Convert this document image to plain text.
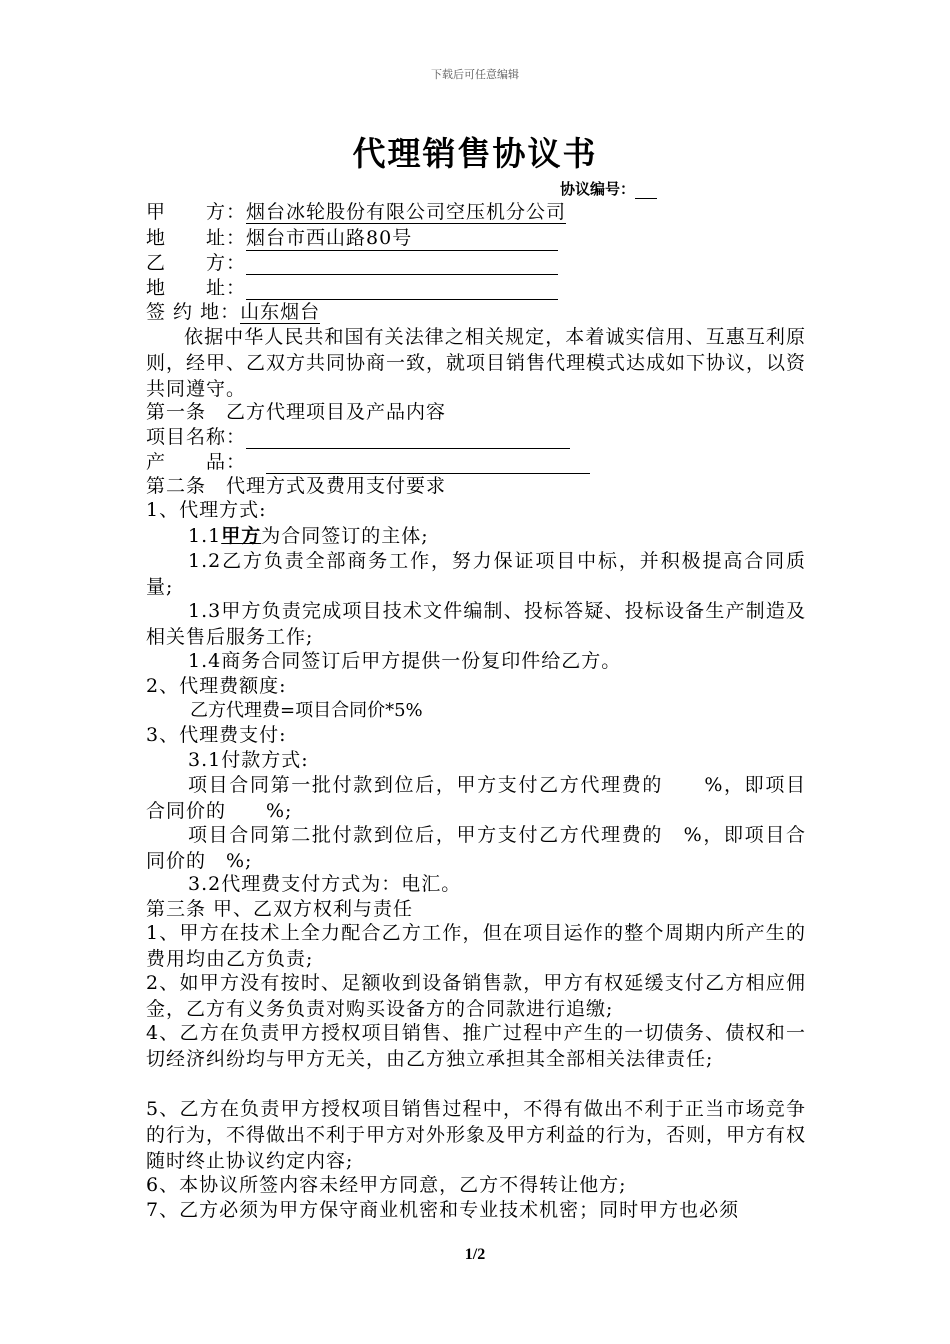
下载后可任意编辑
代理销售协议书
协议编号：
甲　　方：烟台冰轮股份有限公司空压机分公司
地　　址：烟台市西山路80号
乙　　方：
地　　址：
签 约 地：山东烟台
依据中华人民共和国有关法律之相关规定，本着诚实信用、互惠互利原则，经甲、乙双方共同协商一致，就项目销售代理模式达成如下协议，以资共同遵守。
第一条　乙方代理项目及产品内容
项目名称：
产　　品：
第二条　代理方式及费用支付要求
1、代理方式:
1.1甲方为合同签订的主体;
1.2乙方负责全部商务工作，努力保证项目中标，并积极提高合同质量;
1.3甲方负责完成项目技术文件编制、投标答疑、投标设备生产制造及相关售后服务工作;
1.4商务合同签订后甲方提供一份复印件给乙方。
2、代理费额度:
乙方代理费=项目合同价*5%
3、代理费支付:
3.1付款方式:
项目合同第一批付款到位后，甲方支付乙方代理费的　　%，即项目合同价的　　%;
项目合同第二批付款到位后，甲方支付乙方代理费的　%，即项目合同价的　%;
3.2代理费支付方式为：电汇。
第三条 甲、乙双方权利与责任
1、甲方在技术上全力配合乙方工作，但在项目运作的整个周期内所产生的费用均由乙方负责;
2、如甲方没有按时、足额收到设备销售款，甲方有权延缓支付乙方相应佣金，乙方有义务负责对购买设备方的合同款进行追缴;
4、乙方在负责甲方授权项目销售、推广过程中产生的一切债务、债权和一切经济纠纷均与甲方无关，由乙方独立承担其全部相关法律责任;
5、乙方在负责甲方授权项目销售过程中，不得有做出不利于正当市场竞争的行为，不得做出不利于甲方对外形象及甲方利益的行为，否则，甲方有权随时终止协议约定内容;
6、本协议所签内容未经甲方同意，乙方不得转让他方;
7、乙方必须为甲方保守商业机密和专业技术机密；同时甲方也必须
1/2
